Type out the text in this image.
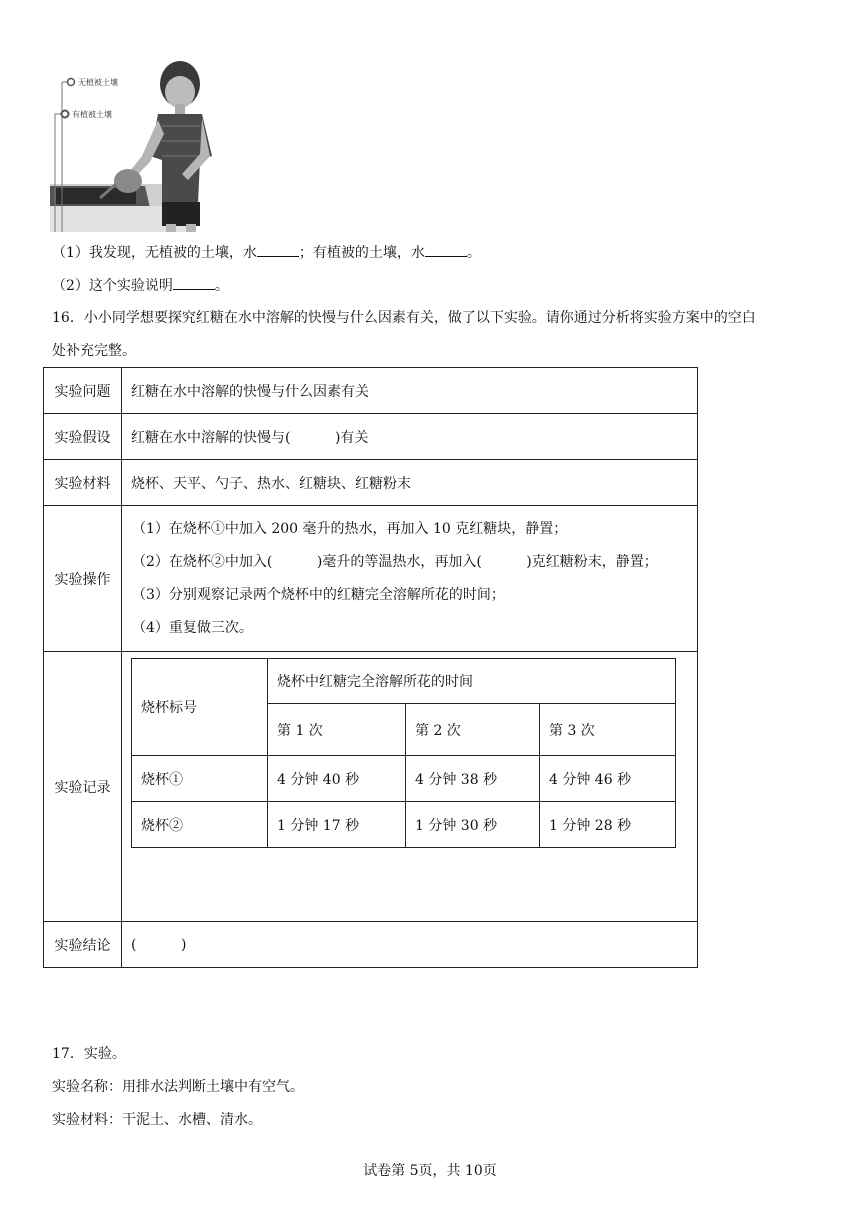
无植被土壤
有植被土壤
（1）我发现，无植被的土壤，水	；有植被的土壤，水	。
（2）这个实验说明	。
16．小小同学想要探究红糖在水中溶解的快慢与什么因素有关，做了以下实验。请你通过分析将实验方案中的空白
处补充完整。
实验问题	红糖在水中溶解的快慢与什么因素有关
实验假设	红糖在水中溶解的快慢与(          )有关
实验材料	烧杯、天平、勺子、热水、红糖块、红糖粉末
实验操作	
（1）在烧杯①中加入 200 毫升的热水，再加入 10 克红糖块，静置；
（2）在烧杯②中加入(          )毫升的等温热水，再加入(          )克红糖粉末，静置；
（3）分别观察记录两个烧杯中的红糖完全溶解所花的时间；
（4）重复做三次。

实验记录	
烧杯标号	烧杯中红糖完全溶解所花的时间
第 1 次	第 2 次	第 3 次
烧杯①	4 分钟 40 秒	4 分钟 38 秒	4 分钟 46 秒
烧杯②	1 分钟 17 秒	1 分钟 30 秒	1 分钟 28 秒

实验结论	(          )
17．实验。
实验名称：用排水法判断土壤中有空气。
实验材料：干泥土、水槽、清水。
试卷第 5页，共 10页
